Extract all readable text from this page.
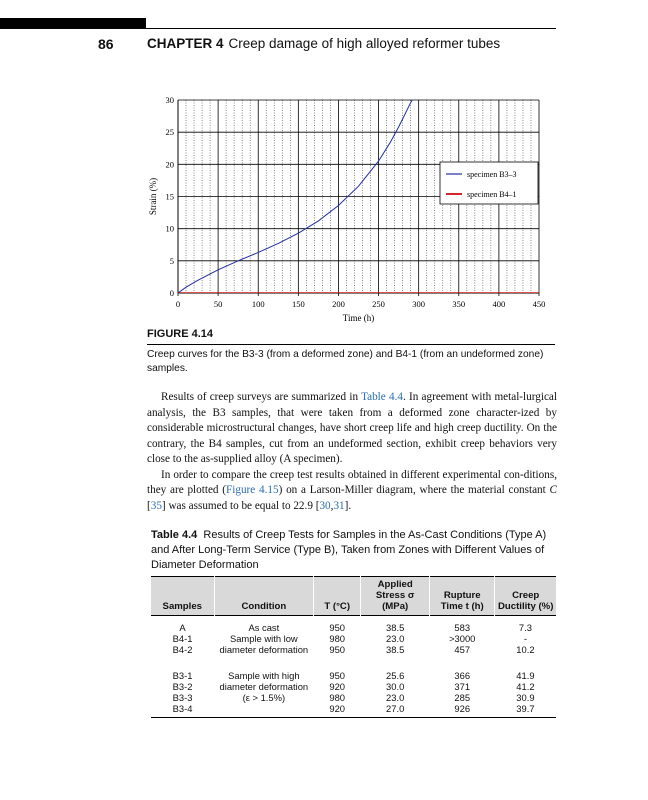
86 CHAPTER 4 Creep damage of high alloyed reformer tubes
0	50	100	150	200	250	300	350	400	450
0
5
10
15
20
25
30
Time (h)
Strain (%)
specimen B3–3
specimen B4–1
FIGURE 4.14
Creep curves for the B3-3 (from a deformed zone) and B4-1 (from an undeformed zone) samples.

Results of creep surveys are summarized in Table 4.4. In agreement with metal-lurgical analysis, the B3 samples, that were taken from a deformed zone character-ized by considerable microstructural changes, have short creep life and high creep ductility. On the contrary, the B4 samples, cut from an undeformed section, exhibit creep behaviors very close to the as-supplied alloy (A specimen).

In order to compare the creep test results obtained in different experimental con-ditions, they are plotted (Figure 4.15) on a Larson-Miller diagram, where the material constant C [35] was assumed to be equal to 22.9 [30,31].

Table 4.4 Results of Creep Tests for Samples in the As-Cast Conditions (Type A) and After Long-Term Service (Type B), Taken from Zones with Different Values of Diameter Deformation
Samples	Condition	T (°C)	Applied Stress σ (MPa)	Rupture Time t (h)	Creep Ductility (%)
A	As cast	950	38.5	583	7.3
B4-1	Sample with low diameter deformation	980	23.0	>3000	-
B4-2		950	38.5	457	10.2
B3-1	Sample with high diameter deformation (ε > 1.5%)	950	25.6	366	41.9
B3-2		920	30.0	371	41.2
B3-3		980	23.0	285	30.9
B3-4		920	27.0	926	39.7
